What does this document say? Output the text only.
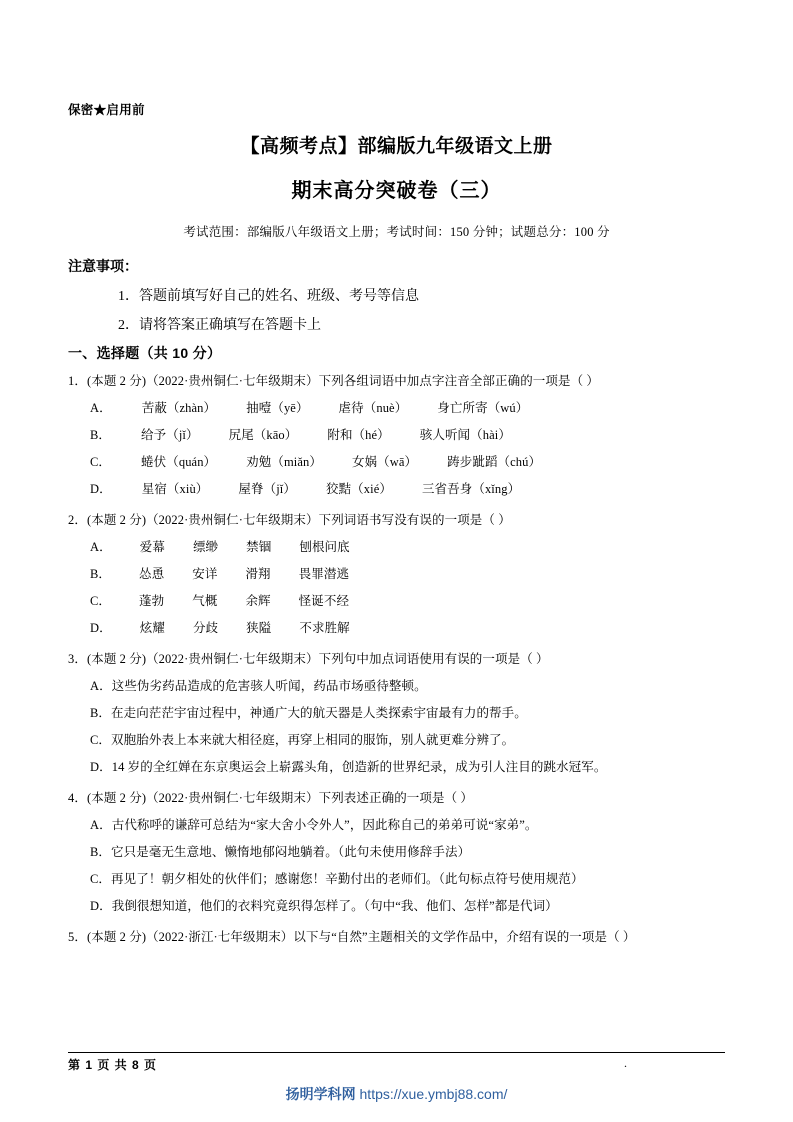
保密★启用前
【高频考点】部编版九年级语文上册
期末高分突破卷（三）
考试范围：部编版八年级语文上册；考试时间：150 分钟；试题总分：100 分
注意事项：
1．答题前填写好自己的姓名、班级、考号等信息
2．请将答案正确填写在答题卡上
一、选择题（共 10 分）
1．(本题 2 分)（2022·贵州铜仁·七年级期末）下列各组词语中加点字注音全部正确的一项是（ ）
A． 苦蔽（zhàn） 抽噎（yē） 虐待（nuè） 身亡所寄（wú）
B． 给予（jǐ） 尻尾（kāo） 附和（hé） 骇人听闻（hài）
C． 蜷伏（quán） 劝勉（miǎn） 女娲（wā） 踌步跐蹈（chú）
D． 星宿（xiù） 屋脊（jǐ） 狡黠（xié） 三省吾身（xǐng）
2．(本题 2 分)（2022·贵州铜仁·七年级期末）下列词语书写没有误的一项是（ ）
A． 爱幕 缥缈 禁锢 刨根问底
B． 怂恿 安详 滑翔 畏罪潜逃
C． 蓬勃 气概 余辉 怪诞不经
D． 炫耀 分歧 狭隘 不求胜解
3．(本题 2 分)（2022·贵州铜仁·七年级期末）下列句中加点词语使用有误的一项是（ ）
A．这些伪劣药品造成的危害骇人听闻，药品市场亟待整顿。
B．在走向茫茫宇宙过程中，神通广大的航天器是人类探索宇宙最有力的帮手。
C．双胞胎外表上本来就大相径庭，再穿上相同的服饰，别人就更难分辨了。
D．14 岁的全红婵在东京奥运会上崭露头角，创造新的世界纪录，成为引人注目的跳水冠军。
4．(本题 2 分)（2022·贵州铜仁·七年级期末）下列表述正确的一项是（ ）
A．古代称呼的谦辞可总结为“家大舍小令外人”，因此称自己的弟弟可说“家弟”。
B．它只是毫无生意地、懒惰地郁闷地躺着。（此句未使用修辞手法）
C．再见了！朝夕相处的伙伴们；感谢您！辛勤付出的老师们。（此句标点符号使用规范）
D．我倒很想知道，他们的衣料究竟织得怎样了。（句中“我、他们、怎样”都是代词）
5．(本题 2 分)（2022·浙江·七年级期末）以下与“自然”主题相关的文学作品中，介绍有误的一项是（ ）
第 1 页 共 8 页	.
扬明学科网 https://xue.ymbj88.com/
